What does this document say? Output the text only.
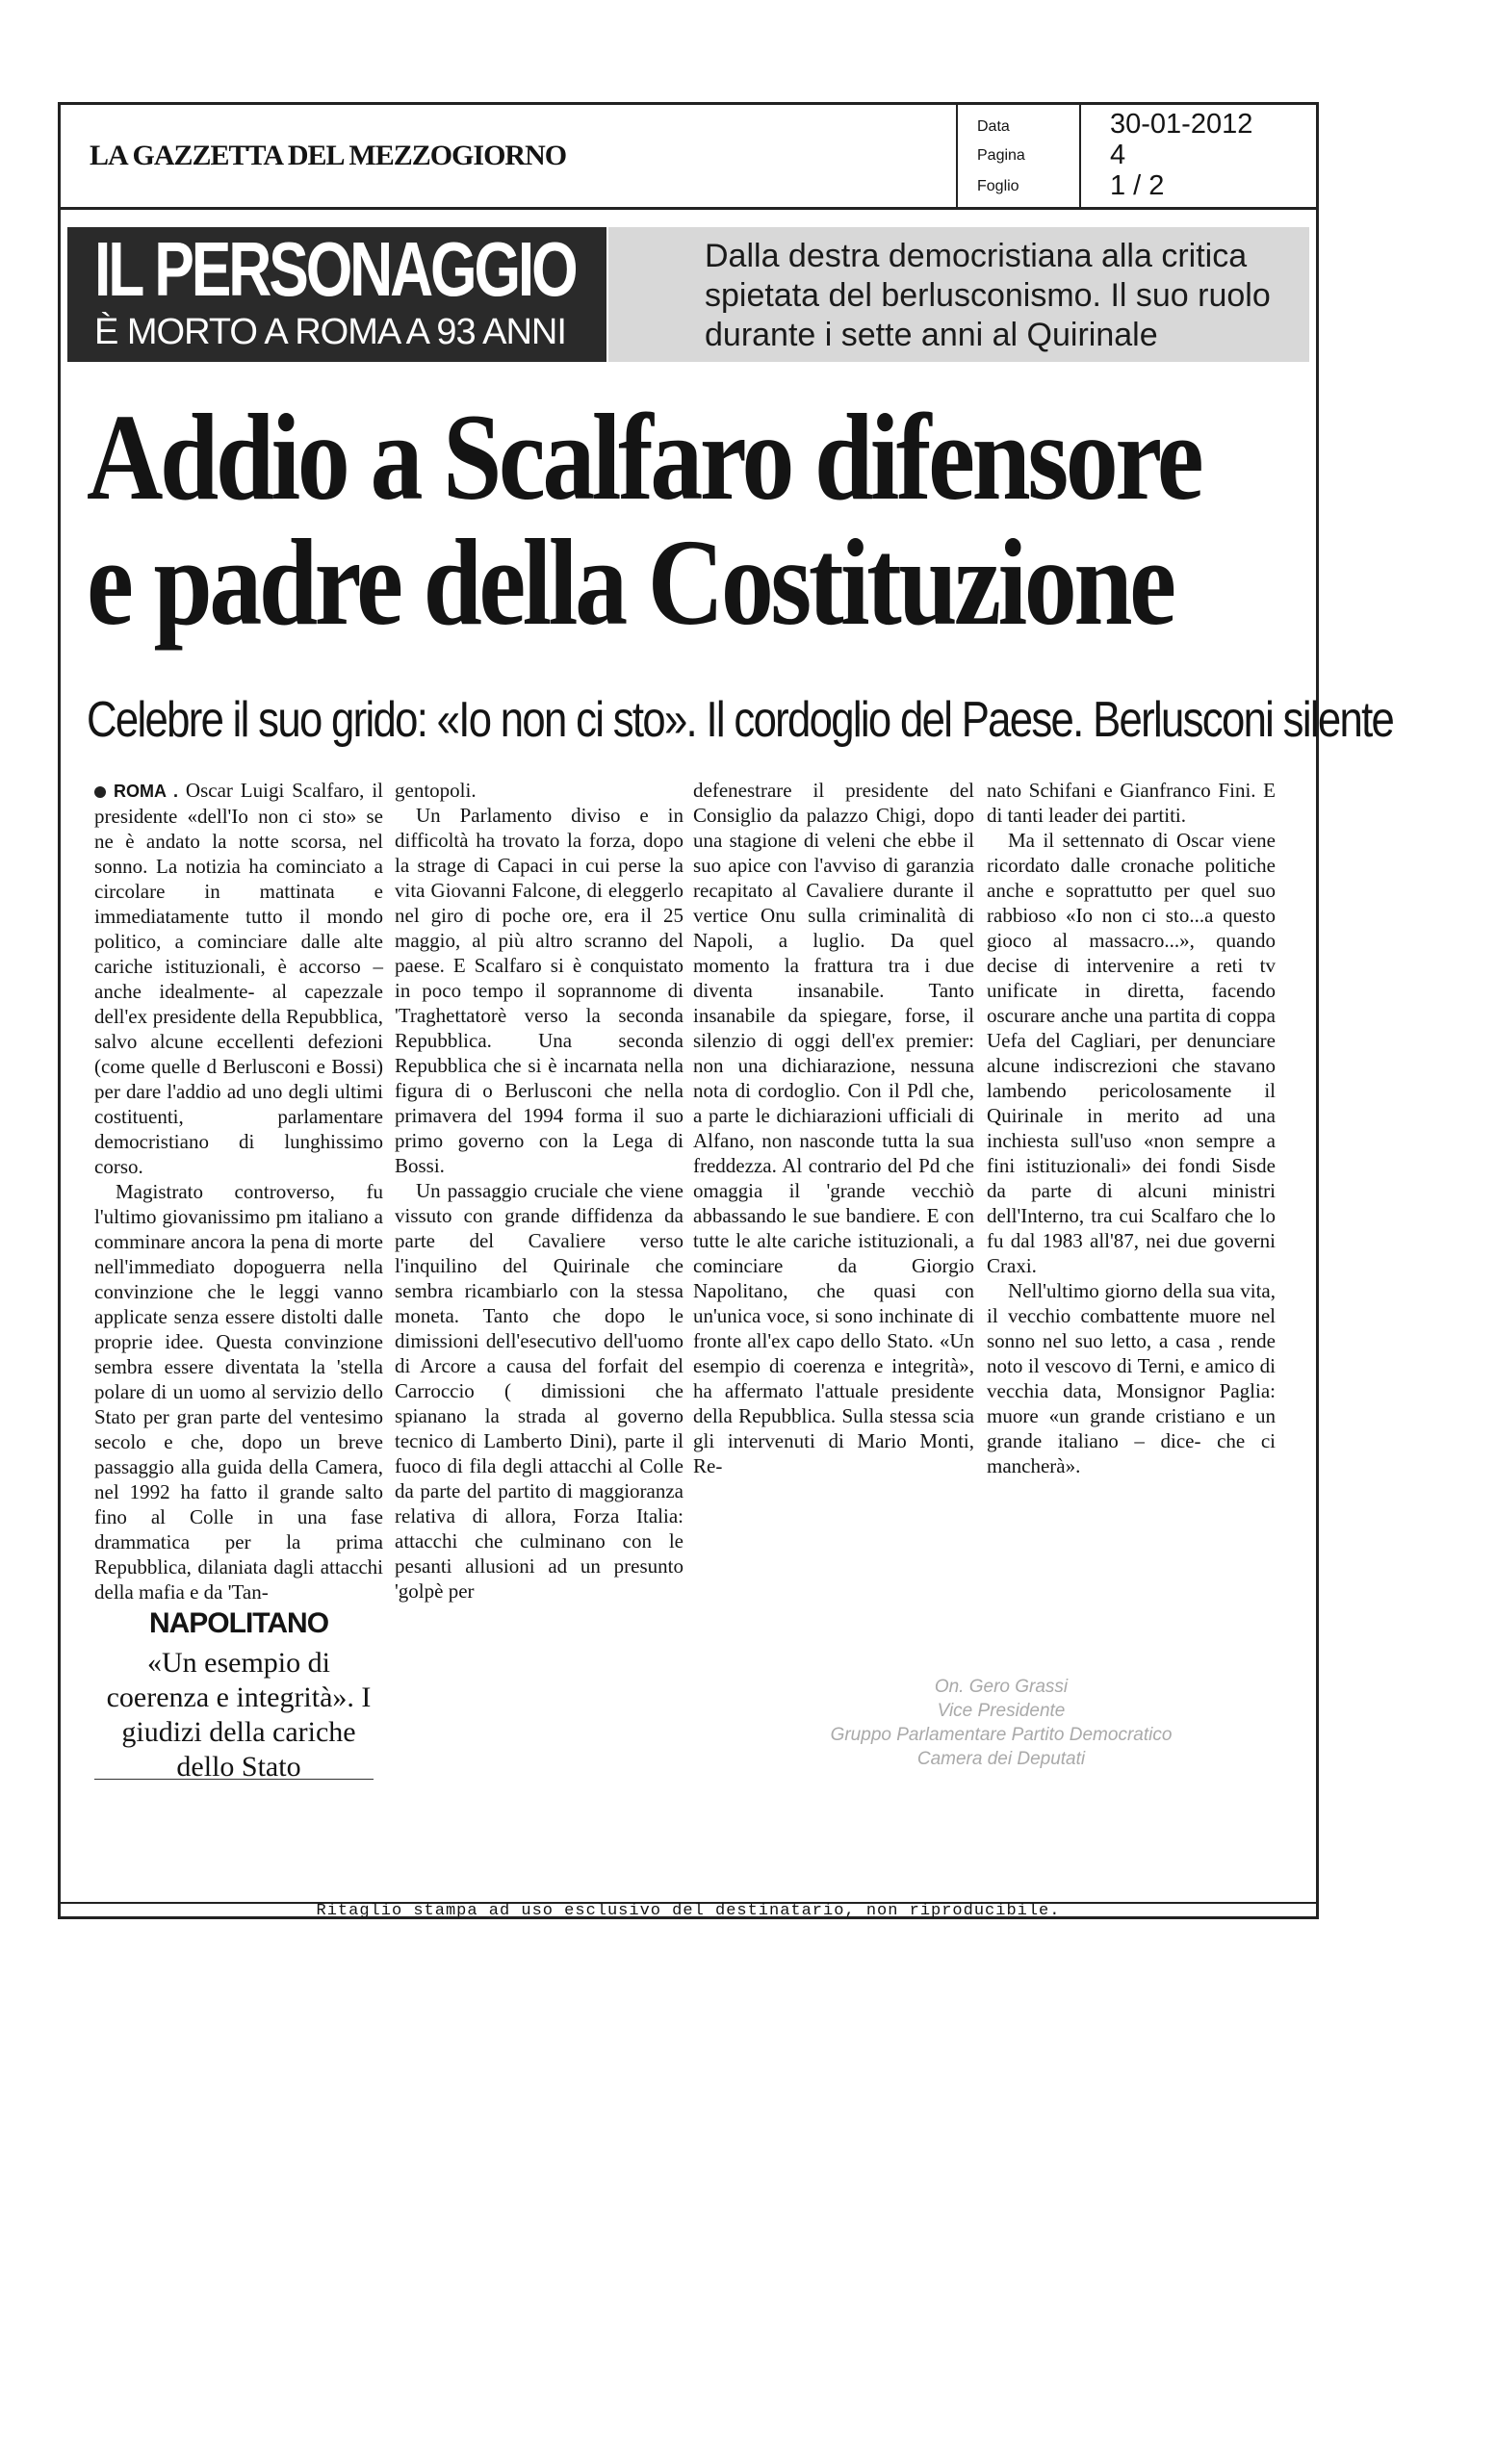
LA GAZZETTA DEL MEZZOGIORNO
Data
Pagina
Foglio
30-01-2012
4
1 / 2
IL PERSONAGGIO
È MORTO A ROMA A 93 ANNI
Dalla destra democristiana alla critica spietata del berlusconismo. Il suo ruolo durante i sette anni al Quirinale
Addio a Scalfaro difensore
e padre della Costituzione
Celebre il suo grido: «Io non ci sto». Il cordoglio del Paese. Berlusconi silente

ROMA . Oscar Luigi Scalfaro, il presidente «dell'Io non ci sto» se ne è andato la notte scorsa, nel sonno. La notizia ha cominciato a circolare in mattinata e immediatamente tutto il mondo politico, a cominciare dalle alte cariche istituzionali, è accorso – anche idealmente- al capezzale dell'ex presidente della Repubblica, salvo alcune eccellenti defezioni (come quelle d Berlusconi e Bossi) per dare l'addio ad uno degli ultimi costituenti, parlamentare democristiano di lunghissimo corso.

Magistrato controverso, fu l'ultimo giovanissimo pm italiano a comminare ancora la pena di morte nell'immediato dopoguerra nella convinzione che le leggi vanno applicate senza essere distolti dalle proprie idee. Questa convinzione sembra essere diventata la 'stella polare di un uomo al servizio dello Stato per gran parte del ventesimo secolo e che, dopo un breve passaggio alla guida della Camera, nel 1992 ha fatto il grande salto fino al Colle in una fase drammatica per la prima Repubblica, dilaniata dagli attacchi della mafia e da 'Tan-

gentopoli.

Un Parlamento diviso e in difficoltà ha trovato la forza, dopo la strage di Capaci in cui perse la vita Giovanni Falcone, di eleggerlo nel giro di poche ore, era il 25 maggio, al più altro scranno del paese. E Scalfaro si è conquistato in poco tempo il soprannome di 'Traghettatorè verso la seconda Repubblica. Una seconda Repubblica che si è incarnata nella figura di o Berlusconi che nella primavera del 1994 forma il suo primo governo con la Lega di Bossi.

Un passaggio cruciale che viene vissuto con grande diffidenza da parte del Cavaliere verso l'inquilino del Quirinale che sembra ricambiarlo con la stessa moneta. Tanto che dopo le dimissioni dell'esecutivo dell'uomo di Arcore a causa del forfait del Carroccio ( dimissioni che spianano la strada al governo tecnico di Lamberto Dini), parte il fuoco di fila degli attacchi al Colle da parte del partito di maggioranza relativa di allora, Forza Italia: attacchi che culminano con le pesanti allusioni ad un presunto 'golpè per

defenestrare il presidente del Consiglio da palazzo Chigi, dopo una stagione di veleni che ebbe il suo apice con l'avviso di garanzia recapitato al Cavaliere durante il vertice Onu sulla criminalità di Napoli, a luglio. Da quel momento la frattura tra i due diventa insanabile. Tanto insanabile da spiegare, forse, il silenzio di oggi dell'ex premier: non una dichiarazione, nessuna nota di cordoglio. Con il Pdl che, a parte le dichiarazioni ufficiali di Alfano, non nasconde tutta la sua freddezza. Al contrario del Pd che omaggia il 'grande vecchiò abbassando le sue bandiere. E con tutte le alte cariche istituzionali, a cominciare da Giorgio Napolitano, che quasi con un'unica voce, si sono inchinate di fronte all'ex capo dello Stato. «Un esempio di coerenza e integrità», ha affermato l'attuale presidente della Repubblica. Sulla stessa scia gli intervenuti di Mario Monti, Re-

nato Schifani e Gianfranco Fini. E di tanti leader dei partiti.

Ma il settennato di Oscar viene ricordato dalle cronache politiche anche e soprattutto per quel suo rabbioso «Io non ci sto...a questo gioco al massacro...», quando decise di intervenire a reti tv unificate in diretta, facendo oscurare anche una partita di coppa Uefa del Cagliari, per denunciare alcune indiscrezioni che stavano lambendo pericolosamente il Quirinale in merito ad una inchiesta sull'uso «non sempre a fini istituzionali» dei fondi Sisde da parte di alcuni ministri dell'Interno, tra cui Scalfaro che lo fu dal 1983 all'87, nei due governi Craxi.

Nell'ultimo giorno della sua vita, il vecchio combattente muore nel sonno nel suo letto, a casa , rende noto il vescovo di Terni, e amico di vecchia data, Monsignor Paglia: muore «un grande cristiano e un grande italiano – dice- che ci mancherà».

NAPOLITANO
«Un esempio di coerenza e integrità». I giudizi della cariche dello Stato
On. Gero Grassi
Vice Presidente
Gruppo Parlamentare Partito Democratico
Camera dei Deputati
Ritaglio stampa ad uso esclusivo del destinatario, non riproducibile.
